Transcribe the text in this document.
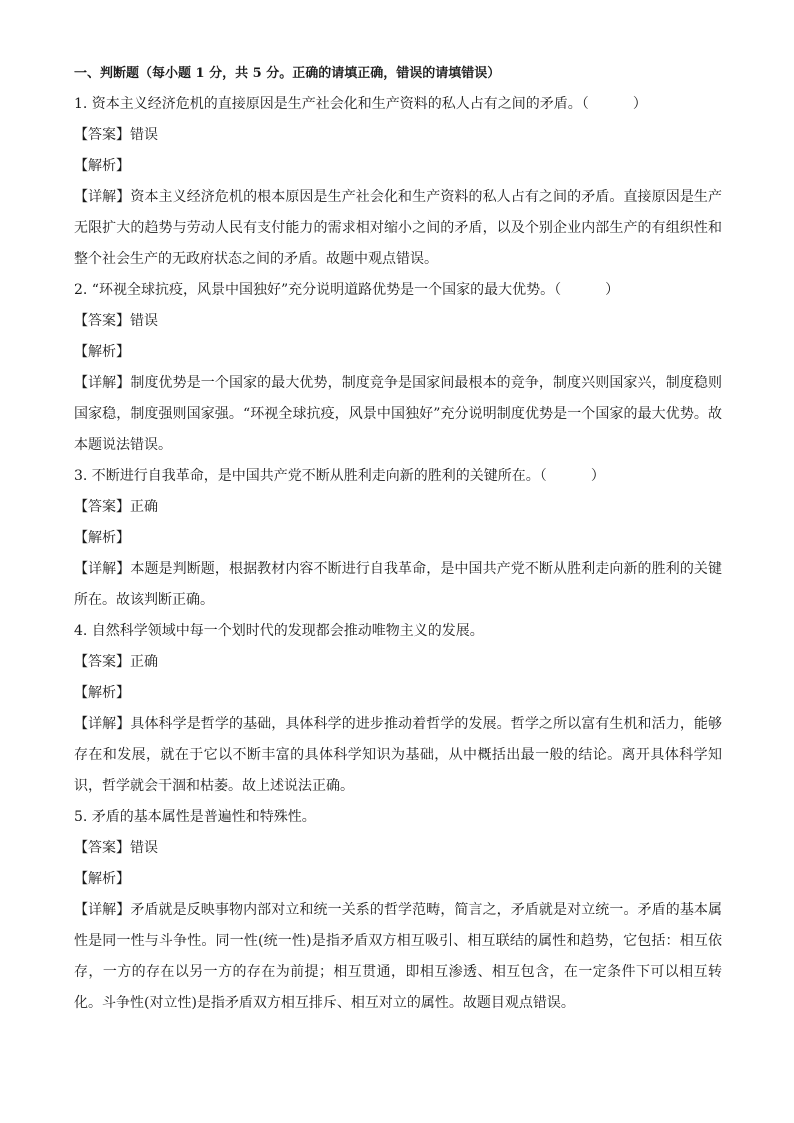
一、判断题（每小题 1 分，共 5 分。正确的请填正确，错误的请填错误）
1. 资本主义经济危机的直接原因是生产社会化和生产资料的私人占有之间的矛盾。（	）
【答案】错误
【解析】
【详解】资本主义经济危机的根本原因是生产社会化和生产资料的私人占有之间的矛盾。直接原因是生产无限扩大的趋势与劳动人民有支付能力的需求相对缩小之间的矛盾，以及个别企业内部生产的有组织性和整个社会生产的无政府状态之间的矛盾。故题中观点错误。
2. “环视全球抗疫，风景中国独好”充分说明道路优势是一个国家的最大优势。（	）
【答案】错误
【解析】
【详解】制度优势是一个国家的最大优势，制度竞争是国家间最根本的竞争，制度兴则国家兴，制度稳则国家稳，制度强则国家强。“环视全球抗疫，风景中国独好”充分说明制度优势是一个国家的最大优势。故本题说法错误。
3. 不断进行自我革命，是中国共产党不断从胜利走向新的胜利的关键所在。（	）
【答案】正确
【解析】
【详解】本题是判断题，根据教材内容不断进行自我革命，是中国共产党不断从胜利走向新的胜利的关键所在。故该判断正确。
4. 自然科学领域中每一个划时代的发现都会推动唯物主义的发展。
【答案】正确
【解析】
【详解】具体科学是哲学的基础，具体科学的进步推动着哲学的发展。哲学之所以富有生机和活力，能够存在和发展，就在于它以不断丰富的具体科学知识为基础，从中概括出最一般的结论。离开具体科学知识，哲学就会干涸和枯萎。故上述说法正确。
5. 矛盾的基本属性是普遍性和特殊性。
【答案】错误
【解析】
【详解】矛盾就是反映事物内部对立和统一关系的哲学范畴，简言之，矛盾就是对立统一。矛盾的基本属性是同一性与斗争性。同一性(统一性)是指矛盾双方相互吸引、相互联结的属性和趋势，它包括：相互依存，一方的存在以另一方的存在为前提；相互贯通，即相互渗透、相互包含，在一定条件下可以相互转化。斗争性(对立性)是指矛盾双方相互排斥、相互对立的属性。故题目观点错误。
